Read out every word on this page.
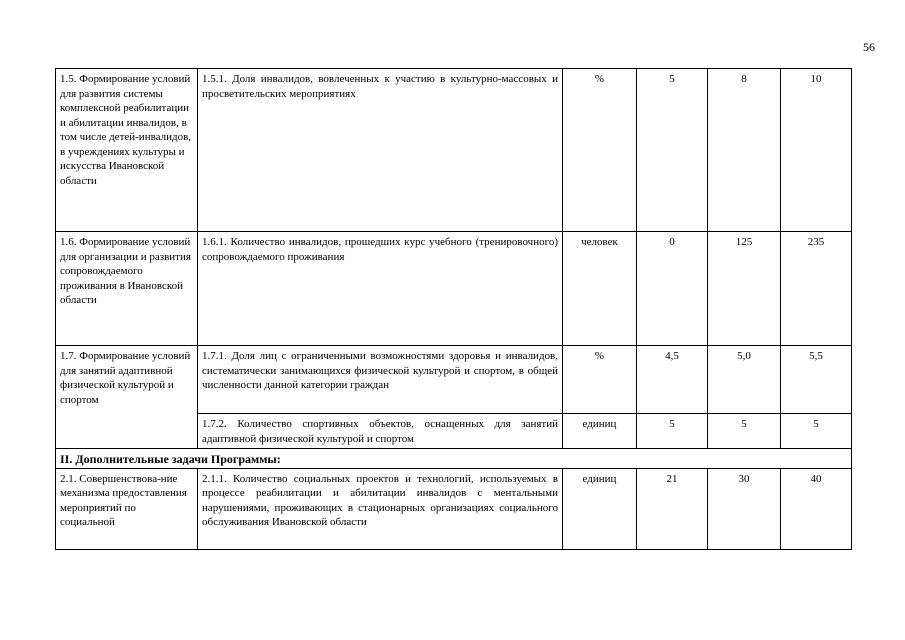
56
1.5. Формирование условий для развития системы комплексной реабилитации и абилитации инвалидов, в том числе детей-инвалидов, в учреждениях культуры и искусства Ивановской области	1.5.1. Доля инвалидов, вовлеченных к участию в культурно-массовых и просветительских мероприятиях	%	5	8	10
1.6. Формирование условий для организации и развития сопровождаемого проживания в Ивановской области	1.6.1. Количество инвалидов, прошедших курс учебного (тренировочного) сопровождаемого проживания	человек	0	125	235
1.7. Формирование условий для занятий адаптивной физической культурой и спортом	1.7.1. Доля лиц с ограниченными возможностями здоровья и инвалидов, систематически занимающихся физической культурой и спортом, в общей численности данной категории граждан	%	4,5	5,0	5,5
	1.7.2. Количество спортивных объектов, оснащенных для занятий адаптивной физической культурой и спортом	единиц	5	5	5
II. Дополнительные задачи Программы:					
2.1. Совершенствова-ние механизма предоставления мероприятий по социальной	2.1.1. Количество социальных проектов и технологий, используемых в процессе реабилитации и абилитации инвалидов с ментальными нарушениями, проживающих в стационарных организациях социального обслуживания Ивановской области	единиц	21	30	40
